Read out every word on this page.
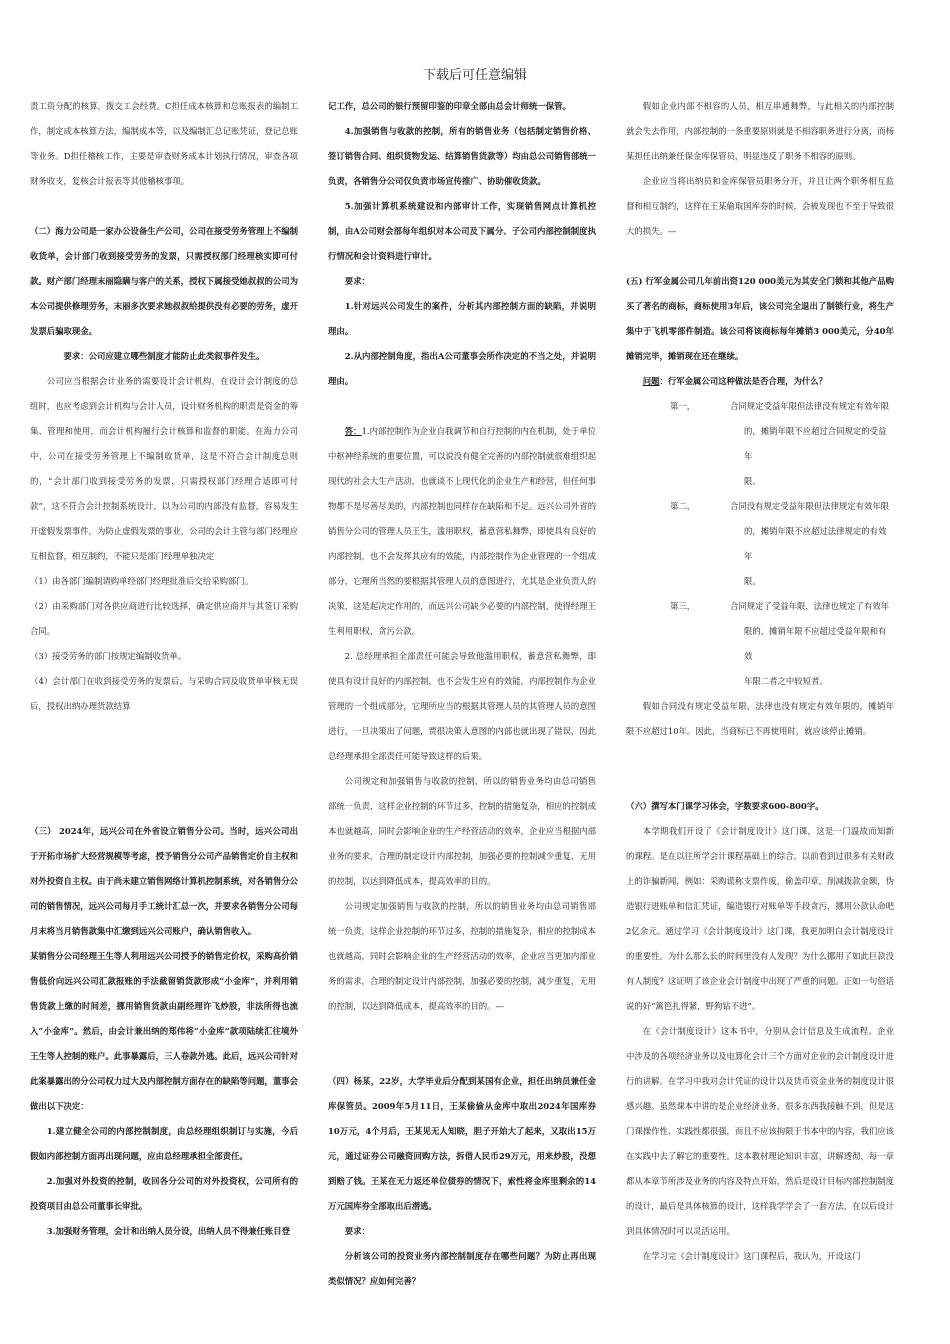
下载后可任意编辑

责工资分配的核算，拨交工会经费。C担任成本核算和总账报表的编制工作，制定成本核算方法，编制成本等，以及编制汇总记账凭证，登记总账等业务。D担任稽核工作，主要是审查财务成本计划执行情况，审查各项财务收支，复核会计报表等其他稽核事项。

（二）海力公司是一家办公设备生产公司，公司在接受劳务管理上不编制收货单，会计部门收到接受劳务的发票，只需授权部门经理核实即可付款。财产部门经理末丽隐瞒与客户的关系，授权下属接受她叔叔的公司为本公司提供修理劳务，末丽多次要求她叔叔给提供没有必要的劳务，虚开发票后骗取现金。

要求：公司应建立哪些制度才能防止此类叙事件发生。

公司应当根据会计业务的需要设计会计机构，在设计会计制度的总组时，也应考虑到会计机构与会计人员，设计财务机构的职责是资金的筹集、管理和使用，而会计机构履行会计核算和监督的职能。在海力公司中，公司在接受劳务管理上不编制收货单，这是不符合会计制度总则的，“会计部门收到接受劳务的发票，只需授权部门经理合适即可付款”，这不符合会计控制系统设计，以为公司的内部没有监督，容易发生开虚假发票事件，为防止虚假发票的事业，公司的会计主管与部门经理应互相监督，相互制约，不能只是部门经理单独决定

（1）由各部门编制请购单经部门经理批准后交给采购部门。

（2）由采购部门对各供应商进行比较选择，确定供应商并与其签订采购合同。

（3）接受劳务的部门按规定编制收货单。

（4）会计部门在收到接受劳务的发票后，与采购合同及收货单审核无误后，授权出纳办理货款结算

（三） 2024年，远兴公司在外省设立销售分公司。当时，远兴公司出于开拓市场扩大经营规模等考虑，授予销售分公司产品销售定价自主权和对外投资自主权。由于尚未建立销售网络计算机控制系统，对各销售分公司的销售情况，远兴公司每月手工统计汇总一次，并要求各销售分公司每月末将当月销售款集中汇缴到远兴公司账户，确认销售收入。

某销售分公司经理王生等人利用远兴公司授予的销售定价权，采购高价销售低价向远兴公司汇款报账的手法截留销货款形成“小金库”，并利用销售货款上缴的时间差，挪用销售货款由副经理许飞炒股，非法所得也流入“小金库”。然后，由会计兼出纳的郑伟将“小金库”款项陆续汇往境外王生等人控制的账户。此事暴露后，三人卷款外逃。此后，远兴公司针对此案暴露出的分公司权力过大及内部控制方面存在的缺陷等问题，董事会做出以下决定：

1.建立健全公司的内部控制制度，由总经理组织制订与实施，今后假如内部控制方面再出现问题，应由总经理承担全部责任。

2.加强对外投资的控制，收回各分公司的对外投资权，公司所有的投资项目由总公司董事长审批。

3.加强财务管理，会计和出纳人员分设，出纳人员不得兼任账目登

记工作，总公司的银行预留印鉴的印章全部由总会计师统一保管。

4.加强销售与收款的控制，所有的销售业务（包括制定销售价格、签订销售合同、组织货物发运、结算销售货款等）均由总公司销售部统一负责，各销售分公司仅负责市场宣传推广、协助催收货款。

5.加强计算机系统建设和内部审计工作，实现销售网点计算机控制，由A公司财会部每年组织对本公司及下属分、子公司内部控制制度执行情况和会计资料进行审计。

要求：

1.针对远兴公司发生的案件，分析其内部控制方面的缺陷，并说明理由。

2.从内部控制角度，指出A公司董事会所作决定的不当之处，并说明理由。

答：1.内部控制作为企业自我调节和自行控制的内在机制，处于单位中枢神经系统的重要位置，可以说没有健全完善的内部控制就很难组织起现代的社会大生产活动，也就谈不上现代化的企业生产和经营，但任何事物都不是尽善尽美的，内部控制也同样存在缺陷和不足。远兴公司外省的销售分公司的管理人员王生，滥用职权，蓄意营私舞弊，即使具有良好的内部控制，也不会发挥其应有的效能，内部控制作为企业管理的一个组成部分，它理所当然的要根据其管理人员的意图进行，尤其是企业负责人的决策，这是起决定作用的，而远兴公司缺少必要的内部控制，使得经理王生利用职权，贪污公款。

2. 总经理承担全部责任可能会导致他滥用职权，蓄意营私舞弊，即使具有设计良好的内部控制，也不会发生应有的效能，内部控制作为企业管理的一个组成部分，它理所应当的根据其管理人员的其管理人员的意图进行，一旦决策出了问题，贾很决策人意图的内部也就出现了错误，因此总经理承担全部责任可能导致这样的后果。

公司规定和加强销售与收款的控制，所以的销售业务均由总司销售部统一负责，这样企业控制的环节过多，控制的措施复杂，相应的控制成本也就越高，同时会影响企业的生产经营活动的效率，企业应当根据内部业务的要求，合理的制定设计内部控制，加强必要的控制减少重复，无用的控制，以达到降低成本，提高效率的目的。

公司规定加强销售与收款的控制，所以的销售业务均由总司销售部统一负责，这样企业控制的环节过多，控制的措施复杂，相应的控制成本也就越高，同时会影响企业的生产经营活动的效率，企业应当更加内部业务的需求，合理的制定设计内部控制，加强必要的控制，减少重复，无用的控制，以达到降低成本，提高效率的目的。---

（四）杨某，22岁，大学毕业后分配到某国有企业，担任出纳员兼任金库保管员。2009年5月11日，王某偷偷从金库中取出2024年国库券10万元，4个月后，王某见无人知晓，胆子开始大了起来，又取出15万元，通过证券公司融资回购方法，拆借人民币29万元，用来炒股，没想到赔了钱。王某在无力返还单位债券的情况下，索性将金库里剩余的14万元国库券全部取出后潜逃。

要求：

分析该公司的投资业务内部控制制度存在哪些问题？为防止再出现类似情况？应如何完善？

假如企业内部不相容的人员，相互串通舞弊，与此相关的内部控制就会失去作用，内部控制的一条重要原则就是不相容职务进行分离，而杨某担任出纳兼任保金库保管员，明显违反了职务不相容的原则。

企业应当将出纳员和金库保管员职务分开，并且让两个职务相互监督和相互制约，这样在王某偷取国库券的时候，会被发现也不至于导致很大的损失。---

(五) 行军金属公司几年前出资120 000美元为其安全门锁和其他产品购买了著名的商标，商标使用3年后，该公司完全退出了制锁行业，将生产集中于飞机零部件制造。该公司将该商标每年摊销3 000美元，分40年摊销完毕，摊销现在还在继续。

问题：行军金属公司这种做法是否合理，为什么？

第一，	合同规定受益年限但法律没有规定有效年限
的，摊销年限不应超过合同规定的受益年
限。
第二，	合同没有规定受益年限但法律规定有效年限
的，摊销年限不应超过法律规定的有效年
限。
第三，	合同规定了受益年限，法律也规定了有效年
限的，摊销年限不应超过受益年限和有效
年限二者之中较短者。

假如合同没有规定受益年限，法律也没有规定有效年限的，摊销年限不应超过10年。因此，当商标已不再使用时，就应该停止摊销。

（六）撰写本门课学习体会，字数要求600-800字。

本学期我们开设了《会计制度设计》这门课，这是一门温故而知新的课程。是在以往所学会计课程基础上的综合。以前看到过很多有关财政上的诈骗新闻，例如：采购谎称支票作废，偷盖印章，削减拨款金额，伪造银行进账单和信汇凭证，编造银行对账单等手段贪污，挪用公款认命吧2亿余元。通过学习《会计制度设计》这门课，我更加明白会计制度设计的重要性。为什么那么长的时间里没有人发现？为什么挪用了如此巨款没有人制度？这证明了该企业会计制度中出现了严重的问题。正如一句俗话说的好“篱笆扎得紧，野狗钻不进”。

在《会计制度设计》这本书中，分别从会计信息及生成流程、企业中涉及的各项经济业务以及电算化会计三个方面对企业的会计制度设计进行的讲解。在学习中我对会计凭证的设计以及货币资金业务的制度设计很感兴趣。虽然课本中讲的是企业经济业务，很多东西我接触不到，但是这门课操作性、实践性都很强，而且不应该拘限于书本中的内容，我们应该在实践中去了解它的重要性。这本教材理论知识丰富，讲解透彻，每一章都从本章节所涉及业务的内容及特点开始，然后是设计目标内部控制制度的设计，最后是具体核算的设计，这样我学学会了一套方法，在以后设计到具体情况时可以灵活运用。

在学习完《会计制度设计》这门课程后，我认为，开设这门
